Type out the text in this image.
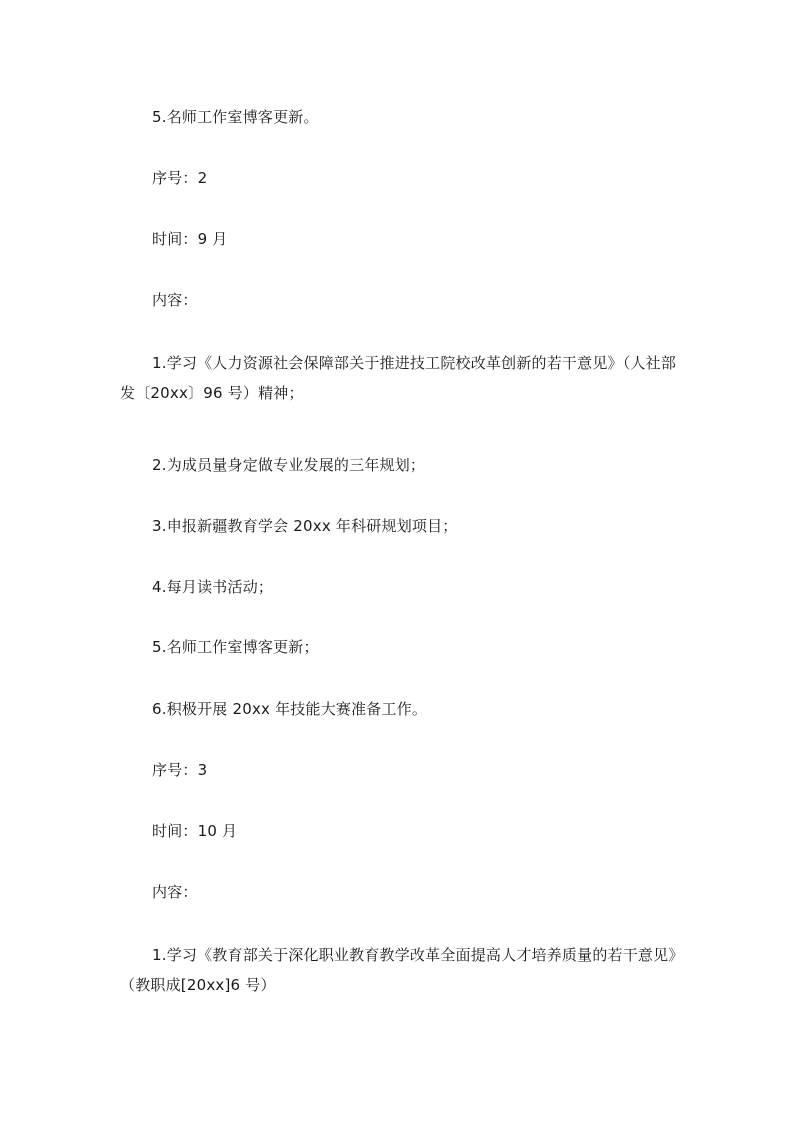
5.名师工作室博客更新。
序号：2
时间：9 月
内容：
1.学习《人力资源社会保障部关于推进技工院校改革创新的若干意见》（人社部发〔20xx〕96 号）精神；
2.为成员量身定做专业发展的三年规划；
3.申报新疆教育学会 20xx 年科研规划项目；
4.每月读书活动；
5.名师工作室博客更新；
6.积极开展 20xx 年技能大赛准备工作。
序号：3
时间：10 月
内容：
1.学习《教育部关于深化职业教育教学改革全面提高人才培养质量的若干意见》（教职成[20xx]6 号）
